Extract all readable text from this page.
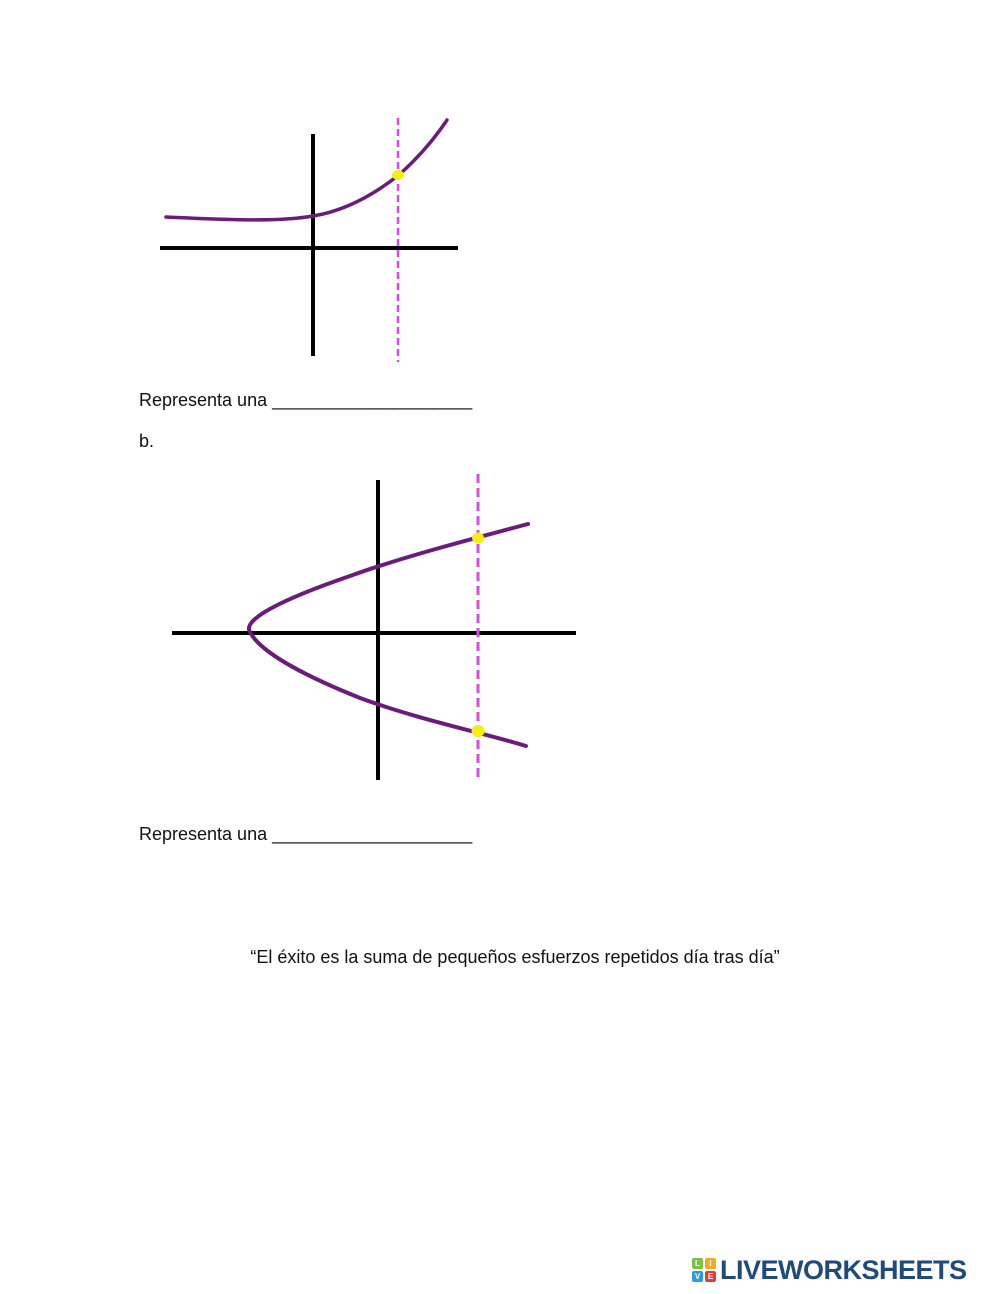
Representa una ____________________
b.
Representa una ____________________
“El éxito es la suma de pequeños esfuerzos repetidos día tras día”
L	I
V E LIVEWORKSHEETS
